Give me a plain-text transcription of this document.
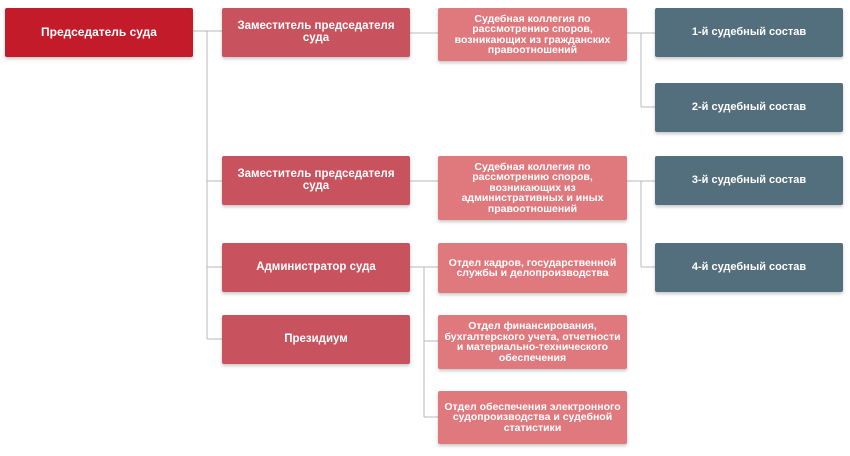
Председатель суда	Заместитель председателя суда
Заместитель председателя суда
Администратор суда
Президиум
Судебная коллегия по рассмотрению споров, возникающих из гражданских правоотношений
Судебная коллегия по рассмотрению споров, возникающих из административных и иных правоотношений
Отдел кадров, государственной службы и делопроизводства
Отдел финансирования, бухгалтерского учета, отчетности и материально-технического обеспечения
Отдел обеспечения электронного судопроизводства и судебной статистики
1-й судебный состав
2-й судебный состав
3-й судебный состав
4-й судебный состав
